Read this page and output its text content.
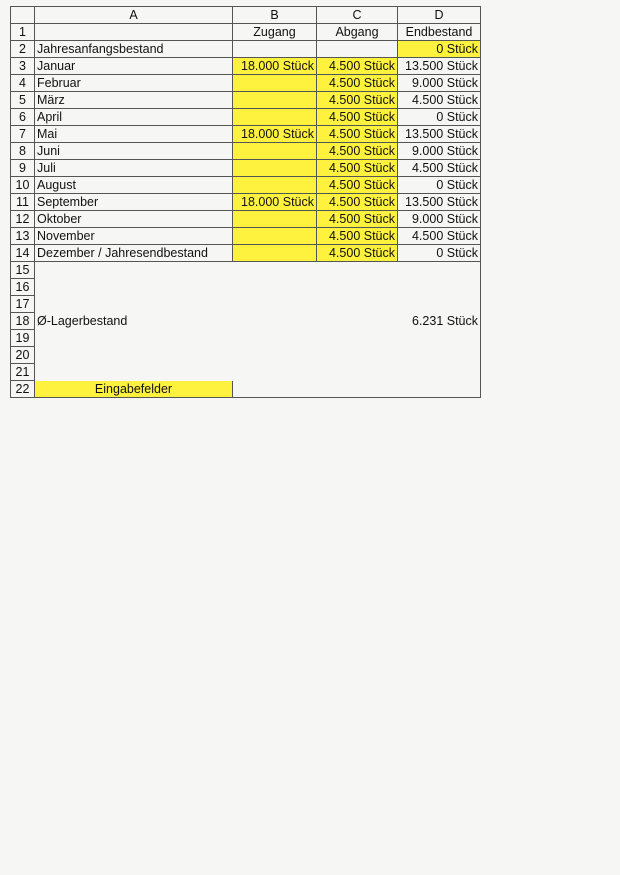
	A	B	C	D
1		Zugang	Abgang	Endbestand
2	Jahresanfangsbestand			0 Stück
3	Januar	18.000 Stück	4.500 Stück	13.500 Stück
4	Februar		4.500 Stück	9.000 Stück
5	März		4.500 Stück	4.500 Stück
6	April		4.500 Stück	0 Stück
7	Mai	18.000 Stück	4.500 Stück	13.500 Stück
8	Juni		4.500 Stück	9.000 Stück
9	Juli		4.500 Stück	4.500 Stück
10	August		4.500 Stück	0 Stück
11	September	18.000 Stück	4.500 Stück	13.500 Stück
12	Oktober		4.500 Stück	9.000 Stück
13	November		4.500 Stück	4.500 Stück
14	Dezember / Jahresendbestand		4.500 Stück	0 Stück
15				
16				
17				
18	Ø-Lagerbestand			6.231 Stück
19				
20				
21				
22	Eingabefelder			
